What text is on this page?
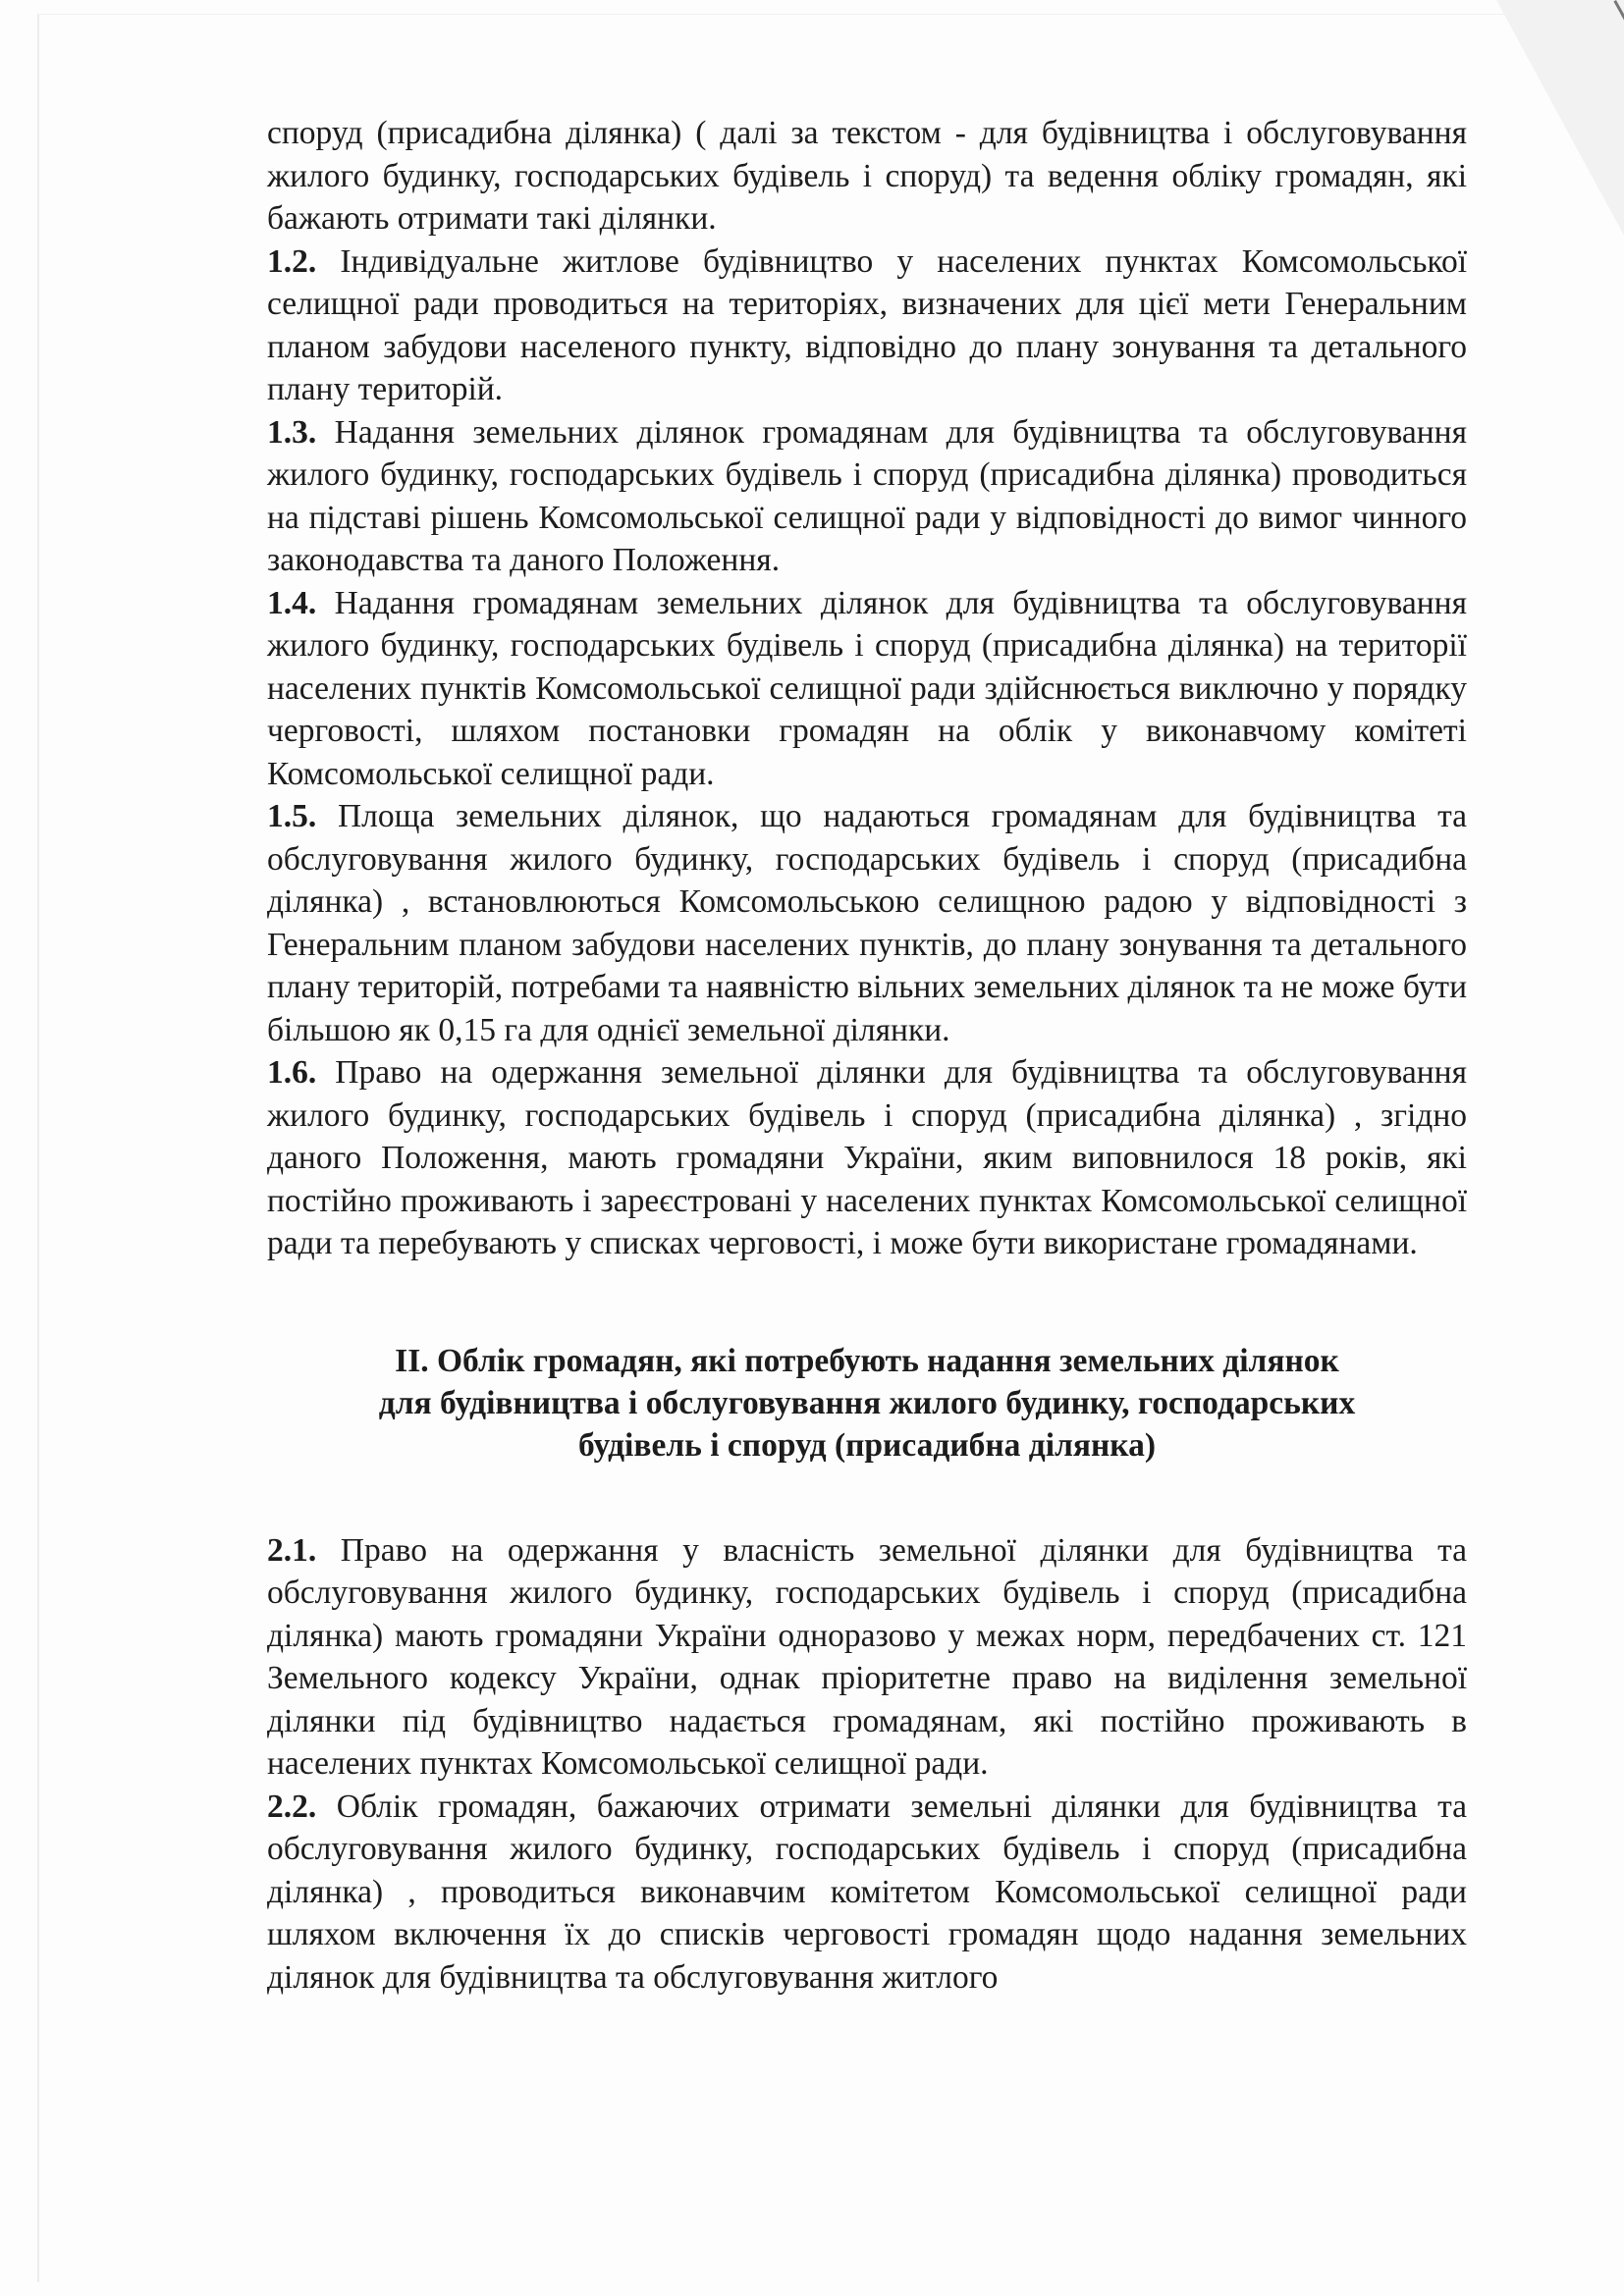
споруд (присадибна ділянка) ( далі за текстом - для будівництва і обслуговування жилого будинку, господарських будівель і споруд) та ведення обліку громадян, які бажають отримати такі ділянки.

1.2. Індивідуальне житлове будівництво у населених пунктах Комсомольської селищної ради проводиться на територіях, визначених для цієї мети Генеральним планом забудови населеного пункту, відповідно до плану зонування та детального плану територій.

1.3. Надання земельних ділянок громадянам для будівництва та обслуговування жилого будинку, господарських будівель і споруд (присадибна ділянка) проводиться на підставі рішень Комсомольської селищної ради у відповідності до вимог чинного законодавства та даного Положення.

1.4. Надання громадянам земельних ділянок для будівництва та обслуговування жилого будинку, господарських будівель і споруд (присадибна ділянка) на території населених пунктів Комсомольської селищної ради здійснюється виключно у порядку черговості, шляхом постановки громадян на облік у виконавчому комітеті Комсомольської селищної ради.

1.5. Площа земельних ділянок, що надаються громадянам для будівництва та обслуговування жилого будинку, господарських будівель і споруд (присадибна ділянка) , встановлюються Комсомольською селищною радою у відповідності з Генеральним планом забудови населених пунктів, до плану зонування та детального плану територій, потребами та наявністю вільних земельних ділянок та не може бути більшою як 0,15 га для однієї земельної ділянки.

1.6. Право на одержання земельної ділянки для будівництва та обслуговування жилого будинку, господарських будівель і споруд (присадибна ділянка) , згідно даного Положення, мають громадяни України, яким виповнилося 18 років, які постійно проживають і зареєстровані у населених пунктах Комсомольської селищної ради та перебувають у списках черговості, і може бути використане громадянами.

II. Облік громадян, які потребують надання земельних ділянок
для будівництва і обслуговування жилого будинку, господарських
будівель і споруд (присадибна ділянка)

2.1. Право на одержання у власність земельної ділянки для будівництва та обслуговування жилого будинку, господарських будівель і споруд (присадибна ділянка) мають громадяни України одноразово у межах норм, передбачених ст. 121 Земельного кодексу України, однак пріоритетне право на виділення земельної ділянки під будівництво надається громадянам, які постійно проживають в населених пунктах Комсомольської селищної ради.

2.2. Облік громадян, бажаючих отримати земельні ділянки для будівництва та обслуговування жилого будинку, господарських будівель і споруд (присадибна ділянка) , проводиться виконавчим комітетом Комсомольської селищної ради шляхом включення їх до списків черговості громадян щодо надання земельних ділянок для будівництва та обслуговування житлого
